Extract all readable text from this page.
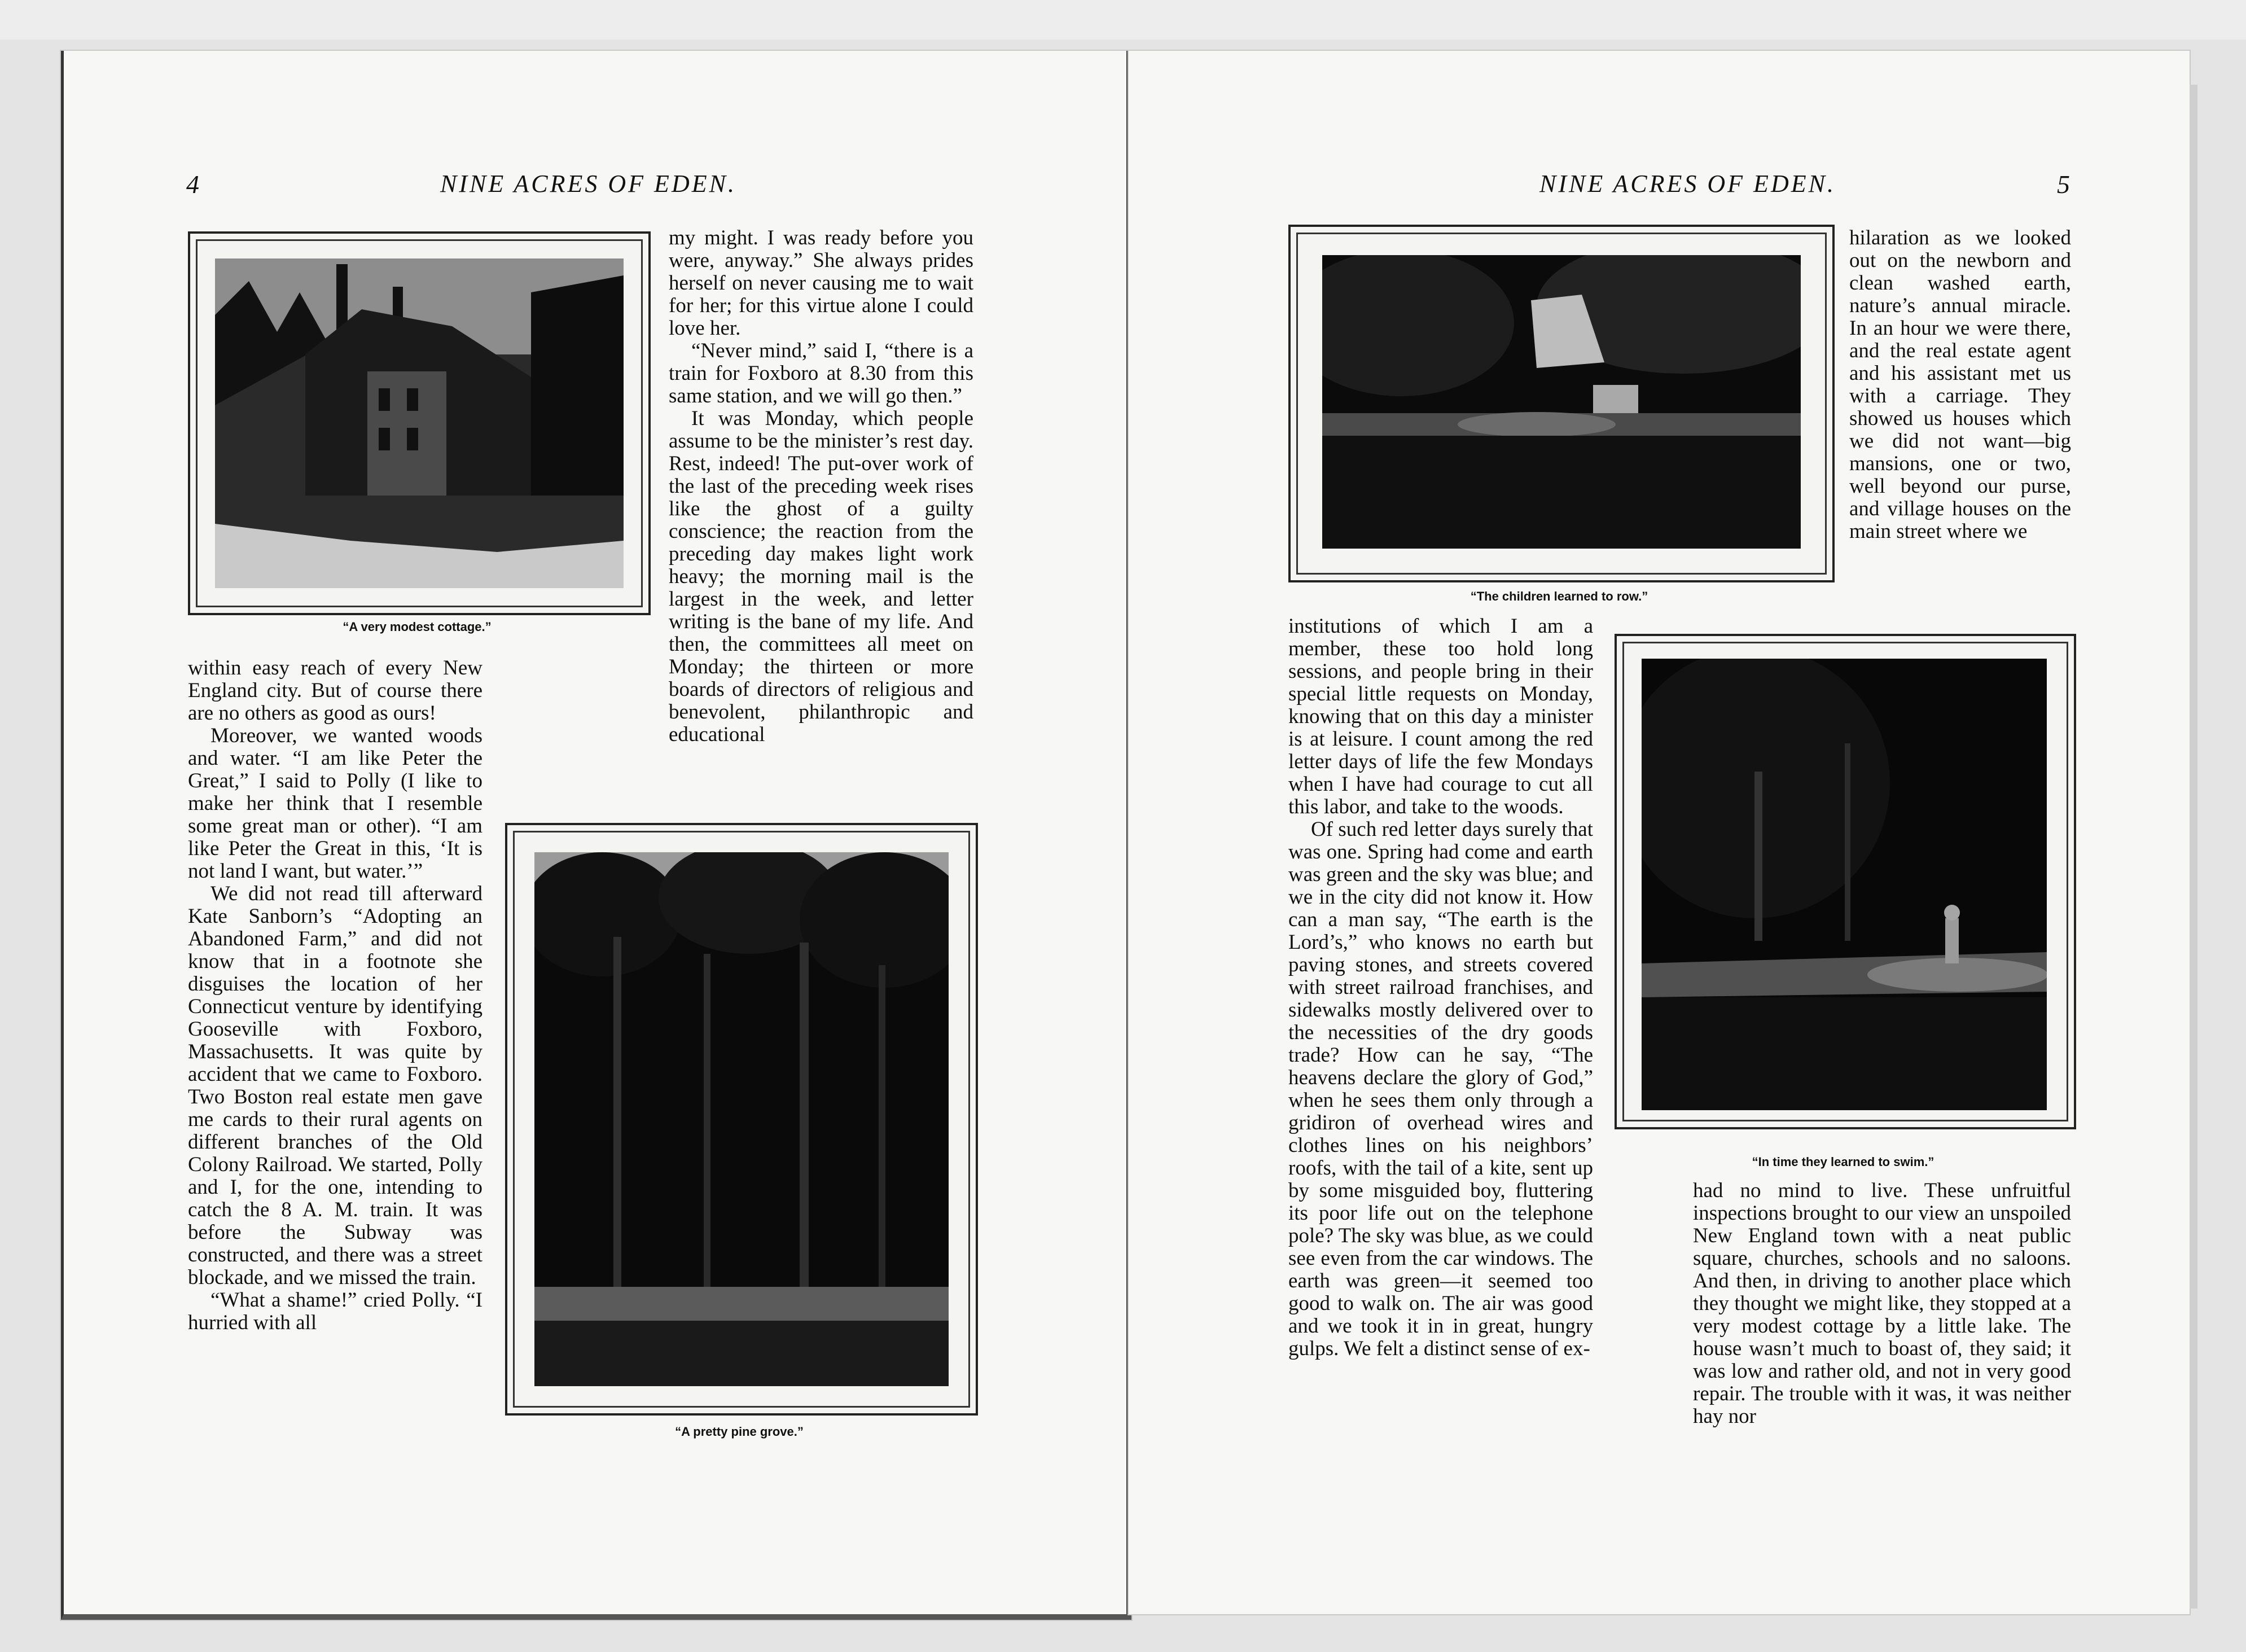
4	NINE ACRES OF EDEN.
“A very modest cottage.”
“A pretty pine grove.”

my might. I was ready before you were, anyway.” She always prides herself on never causing me to wait for her; for this virtue alone I could love her.

“Never mind,” said I, “there is a train for Foxboro at 8.30 from this same station, and we will go then.”

It was Monday, which people assume to be the minister’s rest day. Rest, indeed! The put-over work of the last of the preceding week rises like the ghost of a guilty conscience; the reaction from the preceding day makes light work heavy; the morning mail is the largest in the week, and letter writing is the bane of my life. And then, the committees all meet on Monday; the thirteen or more boards of directors of religious and benevolent, philanthropic and educational

within easy reach of every New England city. But of course there are no others as good as ours!

Moreover, we wanted woods and water. “I am like Peter the Great,” I said to Polly (I like to make her think that I resemble some great man or other). “I am like Peter the Great in this, ‘It is not land I want, but water.’”

We did not read till afterward Kate Sanborn’s “Adopting an Abandoned Farm,” and did not know that in a footnote she disguises the location of her Connecticut venture by identifying Gooseville with Foxboro, Massachusetts. It was quite by accident that we came to Foxboro. Two Boston real estate men gave me cards to their rural agents on different branches of the Old Colony Railroad. We started, Polly and I, for the one, intending to catch the 8 A. M. train. It was before the Subway was constructed, and there was a street blockade, and we missed the train.

“What a shame!” cried Polly. “I hurried with all

NINE ACRES OF EDEN.	5
“The children learned to row.”
“In time they learned to swim.”

hilaration as we looked out on the newborn and clean washed earth, nature’s annual miracle. In an hour we were there, and the real estate agent and his assistant met us with a carriage. They showed us houses which we did not want—big mansions, one or two, well beyond our purse, and village houses on the main street where we

institutions of which I am a member, these too hold long sessions, and people bring in their special little requests on Monday, knowing that on this day a minister is at leisure. I count among the red letter days of life the few Mondays when I have had courage to cut all this labor, and take to the woods.

Of such red letter days surely that was one. Spring had come and earth was green and the sky was blue; and we in the city did not know it. How can a man say, “The earth is the Lord’s,” who knows no earth but paving stones, and streets covered with street railroad franchises, and sidewalks mostly delivered over to the necessities of the dry goods trade? How can he say, “The heavens declare the glory of God,” when he sees them only through a gridiron of overhead wires and clothes lines on his neighbors’ roofs, with the tail of a kite, sent up by some misguided boy, fluttering its poor life out on the telephone pole? The sky was blue, as we could see even from the car windows. The earth was green—it seemed too good to walk on. The air was good and we took it in in great, hungry gulps. We felt a distinct sense of ex-

had no mind to live. These unfruitful inspections brought to our view an unspoiled New England town with a neat public square, churches, schools and no saloons. And then, in driving to another place which they thought we might like, they stopped at a very modest cottage by a little lake. The house wasn’t much to boast of, they said; it was low and rather old, and not in very good repair. The trouble with it was, it was neither hay nor
